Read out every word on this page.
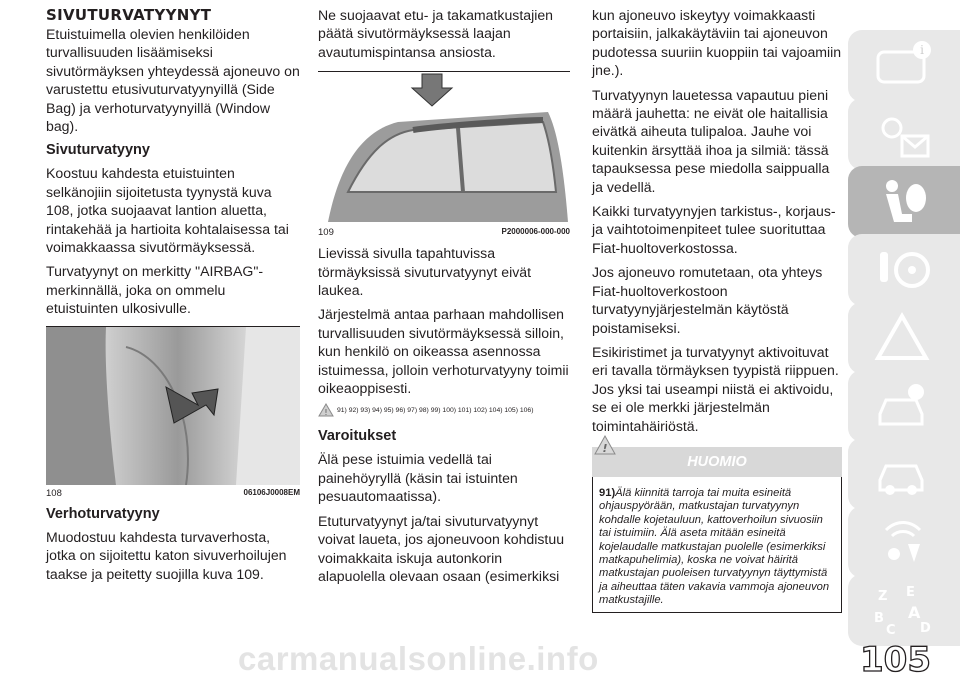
SIVUTURVATYYNYT

Etuistuimella olevien henkilöiden turvallisuuden lisäämiseksi sivutörmäyksen yhteydessä ajoneuvo on varustettu etusivuturvatyynyillä (Side Bag) ja verhoturvatyynyillä (Window bag).

Sivuturvatyyny

Koostuu kahdesta etuistuinten selkänojiin sijoitetusta tyynystä kuva 108, jotka suojaavat lantion aluetta, rintakehää ja hartioita kohtalaisessa tai voimakkaassa sivutörmäyksessä.

Turvatyynyt on merkitty "AIRBAG"-merkinnällä, joka on ommelu etuistuinten ulkosivulle.

108	06106J0008EM
Verhoturvatyyny

Muodostuu kahdesta turvaverhosta, jotka on sijoitettu katon sivuverhoilujen taakse ja peitetty suojilla kuva 109.

Ne suojaavat etu- ja takamatkustajien päätä sivutörmäyksessä laajan avautumispintansa ansiosta.

109	P2000006-000-000

Lievissä sivulla tapahtuvissa törmäyksissä sivuturvatyynyt eivät laukea.

Järjestelmä antaa parhaan mahdollisen turvallisuuden sivutörmäyksessä silloin, kun henkilö on oikeassa asennossa istuimessa, jolloin verhoturvatyyny toimii oikeaoppisesti.

! 91) 92) 93) 94) 95) 96) 97) 98) 99) 100) 101) 102) 104) 105) 106)
Varoitukset

Älä pese istuimia vedellä tai painehöyryllä (käsin tai istuinten pesuautomaatissa).

Etuturvatyynyt ja/tai sivuturvatyynyt voivat laueta, jos ajoneuvoon kohdistuu voimakkaita iskuja autonkorin alapuolella olevaan osaan (esimerkiksi

kun ajoneuvo iskeytyy voimakkaasti portaisiin, jalkakäytäviin tai ajoneuvon pudotessa suuriin kuoppiin tai vajoamiin jne.).

Turvatyynyn lauetessa vapautuu pieni määrä jauhetta: ne eivät ole haitallisia eivätkä aiheuta tulipaloa. Jauhe voi kuitenkin ärsyttää ihoa ja silmiä: tässä tapauksessa pese miedolla saippualla ja vedellä.

Kaikki turvatyynyjen tarkistus-, korjaus- ja vaihtotoimenpiteet tulee suorituttaa Fiat-huoltoverkostossa.

Jos ajoneuvo romutetaan, ota yhteys Fiat-huoltoverkostoon turvatyynyjärjestelmän käytöstä poistamiseksi.

Esikiristimet ja turvatyynyt aktivoituvat eri tavalla törmäyksen tyypistä riippuen. Jos yksi tai useampi niistä ei aktivoidu, se ei ole merkki järjestelmän toimintahäiriöstä.

!
HUOMIO
91)Älä kiinnitä tarroja tai muita esineitä ohjauspyörään, matkustajan turvatyynyn kohdalle kojetauluun, kattoverhoilun sivuosiin tai istuimiin. Älä aseta mitään esineitä kojelaudalle matkustajan puolelle (esimerkiksi matkapuhelimia), koska ne voivat häiritä matkustajan puoleisen turvatyynyn täyttymistä ja aiheuttaa täten vakavia vammoja ajoneuvon matkustajille.
i
Z E
B A
C D
105
carmanualsonline.info
